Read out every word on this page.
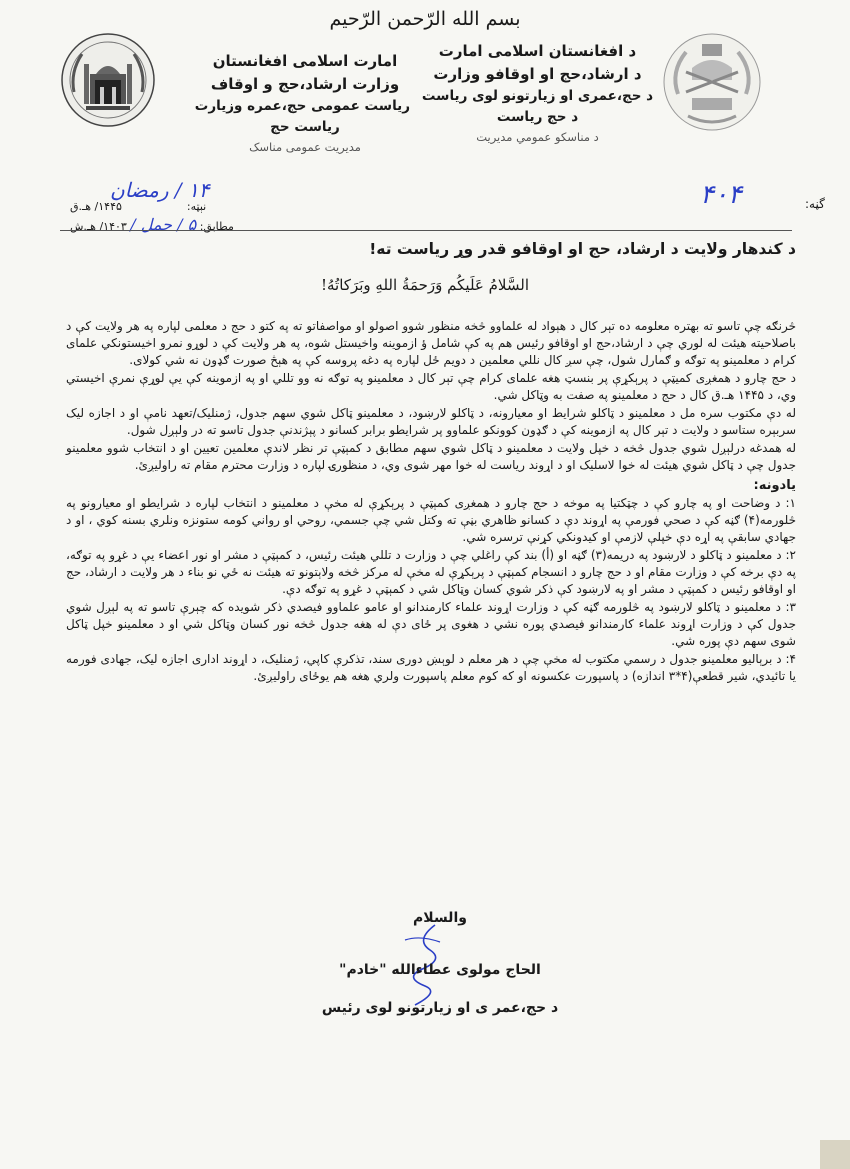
بسم الله الرّحمن الرّحیم
امارت اسلامی افغانستان
وزارت ارشاد،حج و اوقاف
ریاست عمومی حج،عمره وزیارت
ریاست حج
مدیریت عمومی مناسک
د افغانستان اسلامی امارت
د ارشاد،حج او اوقافو وزارت
د حج،عمری او زیارتونو لوی ریاست
د حج ریاست
د مناسکو عمومي مدیریت
گڼه:
۴۰۴
۱۴ / رمضان
نېټه:  ۱۴۴۵/ هـ.ق
مطابق: ۵ / حمل / ۱۴۰۳/ هـ.ش
د کندهار ولایت د ارشاد، حج او اوقافو قدر وړ ریاست ته!
السَّلامُ عَلَیکُم وَرَحمَةُ اللهِ وبَرَکاتُهُ!

څرنګه چې تاسو ته بهتره معلومه ده تېر کال د هېواد له علماوو څخه منظور شوو اصولو او مواصفاتو ته په کتو د حج د معلمی لپاره په هر ولایت کې د باصلاحیته هیئت له لوري چې د ارشاد،حج او اوقافو رئیس هم په کې شامل ؤ ازموینه واخیستل شوه، په هر ولایت کې د لوړو نمرو اخیستونکي علمای کرام د معلمینو په توګه و ګمارل شول، چې سږ کال نللي معلمین د دویم ځل لپاره په دغه پروسه کې په هېڅ صورت ګډون نه شي کولای.

د حج چارو د همغږی کمیټې د پرېکړې پر بنسټ هغه علمای کرام چې تېر کال د معلمینو په توګه نه وو تللي او په ازموینه کې یې لوړې نمرې اخیستي وي، د ۱۴۴۵ هـ.ق کال د حج د معلمینو په صفت به وټاکل شي.

له دې مکتوب سره مل د معلمینو د ټاکلو شرایط او معیارونه، د ټاکلو لارښود، د معلمینو ټاکل شوي سهم جدول، ژمنلیک/تعهد نامې او د اجازه لیک سربېره ستاسو د ولایت د تېر کال په ازموینه کې د ګډون کوونکو علماوو پر شرایطو برابر کسانو د پېژندنې جدول تاسو ته در ولېږل شول.

له همدغه درلېږل شوي جدول څخه د خپل ولایت د معلمینو د ټاکل شوي سهم مطابق د کمېټې تر نظر لاندې معلمین تعیین او د انتخاب شوو معلمینو جدول چې د ټاکل شوي هیئت له خوا لاسلیک او د اړوند ریاست له خوا مهر شوی وي، د منظورۍ لپاره د وزارت محترم مقام ته راولیږئ.

یادونه:

۱: د وضاحت او په چارو کې د چټکتیا په موخه د حج چارو د همغږی کمېټې د پرېکړې له مخې د معلمینو د انتخاب لپاره د شرایطو او معیارونو په څلورمه(۴) ګڼه کې د صحي فورمې په اړوند دې د کسانو ظاهري بڼې ته وکتل شي چې جسمي، روحي او رواني کومه ستونزه ونلري بسنه کوي ، او د جهادي سابقې په اړه دې خپلې لازمې او کیدونکي کړنې ترسره شي.

۲: د معلمینو د ټاکلو د لارښود په دریمه(۳) ګڼه او (أ) بند کې راغلي چې د وزارت د تللي هیئت رئیس، د کمېټې د مشر او نور اعضاء یې د غړو په توګه، په دې برخه کې د وزارت مقام او د حج چارو د انسجام کمېټې د پرېکړې له مخې له مرکز څخه ولاېتونو ته هیئت نه ځي نو بناء د هر ولایت د ارشاد، حج او اوقافو رئیس د کمېټې د مشر او په لارښود کې ذکر شوي کسان وټاکل شي د کمېټې د غړو په توګه دې.

۳: د معلمینو د ټاکلو لارښود په څلورمه ګڼه کې د وزارت اړوند علماء کارمندانو او عامو علماوو فیصدي ذکر شویده که چېرې تاسو ته په لېږل شوي جدول کې د وزارت اړوند علماء کارمندانو فیصدي پوره نشي د هغوی پر ځای دې له هغه جدول څخه نور کسان وټاکل شي او د معلمینو خپل ټاکل شوی سهم دې پوره شي.

۴: د برېالیو معلمینو جدول د رسمي مکتوب له مخې چې د هر معلم د لوېښ دوری سند، تذکرې کاپي، ژمنلیک، د اړوند اداری اجازه لیک، جهادی فورمه یا تائیدي، شیر قطعې(۴*۳ اندازه) د پاسپورت عکسونه او که کوم معلم پاسپورت ولري هغه هم یوځای راولیږئ.

والسلام
الحاج مولوی عطاءالله "خادم"
د حج،عمر ی او زیارتونو لوی رئیس
